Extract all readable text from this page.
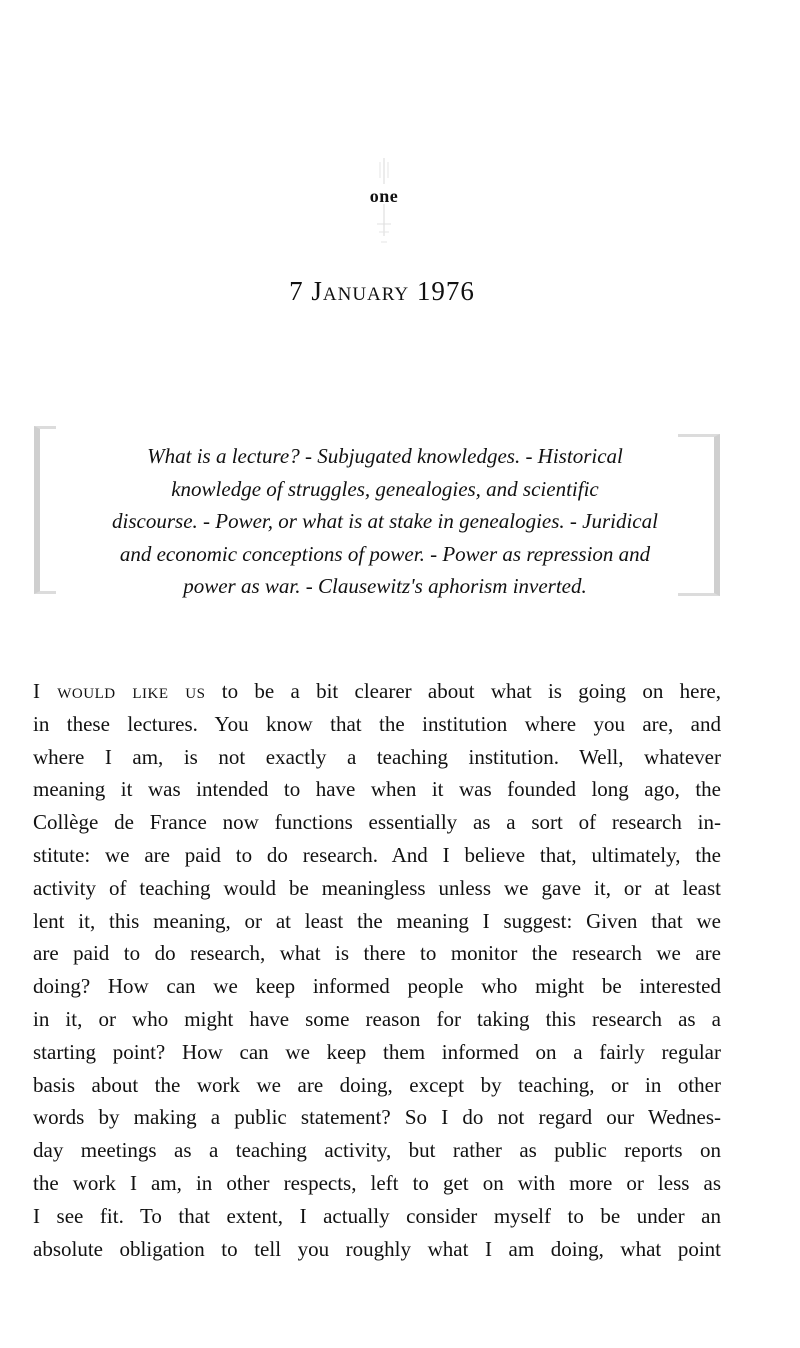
one
7 January 1976
What is a lecture? - Subjugated knowledges. - Historical
knowledge of struggles, genealogies, and scientific
discourse. - Power, or what is at stake in genealogies. - Juridical
and economic conceptions of power. - Power as repression and
power as war. - Clausewitz's aphorism inverted.
I would like us to be a bit clearer about what is going on here,
in these lectures. You know that the institution where you are, and
where I am, is not exactly a teaching institution. Well, whatever
meaning it was intended to have when it was founded long ago, the
Collège de France now functions essentially as a sort of research in-
stitute: we are paid to do research. And I believe that, ultimately, the
activity of teaching would be meaningless unless we gave it, or at least
lent it, this meaning, or at least the meaning I suggest: Given that we
are paid to do research, what is there to monitor the research we are
doing? How can we keep informed people who might be interested
in it, or who might have some reason for taking this research as a
starting point? How can we keep them informed on a fairly regular
basis about the work we are doing, except by teaching, or in other
words by making a public statement? So I do not regard our Wednes-
day meetings as a teaching activity, but rather as public reports on
the work I am, in other respects, left to get on with more or less as
I see fit. To that extent, I actually consider myself to be under an
absolute obligation to tell you roughly what I am doing, what point
